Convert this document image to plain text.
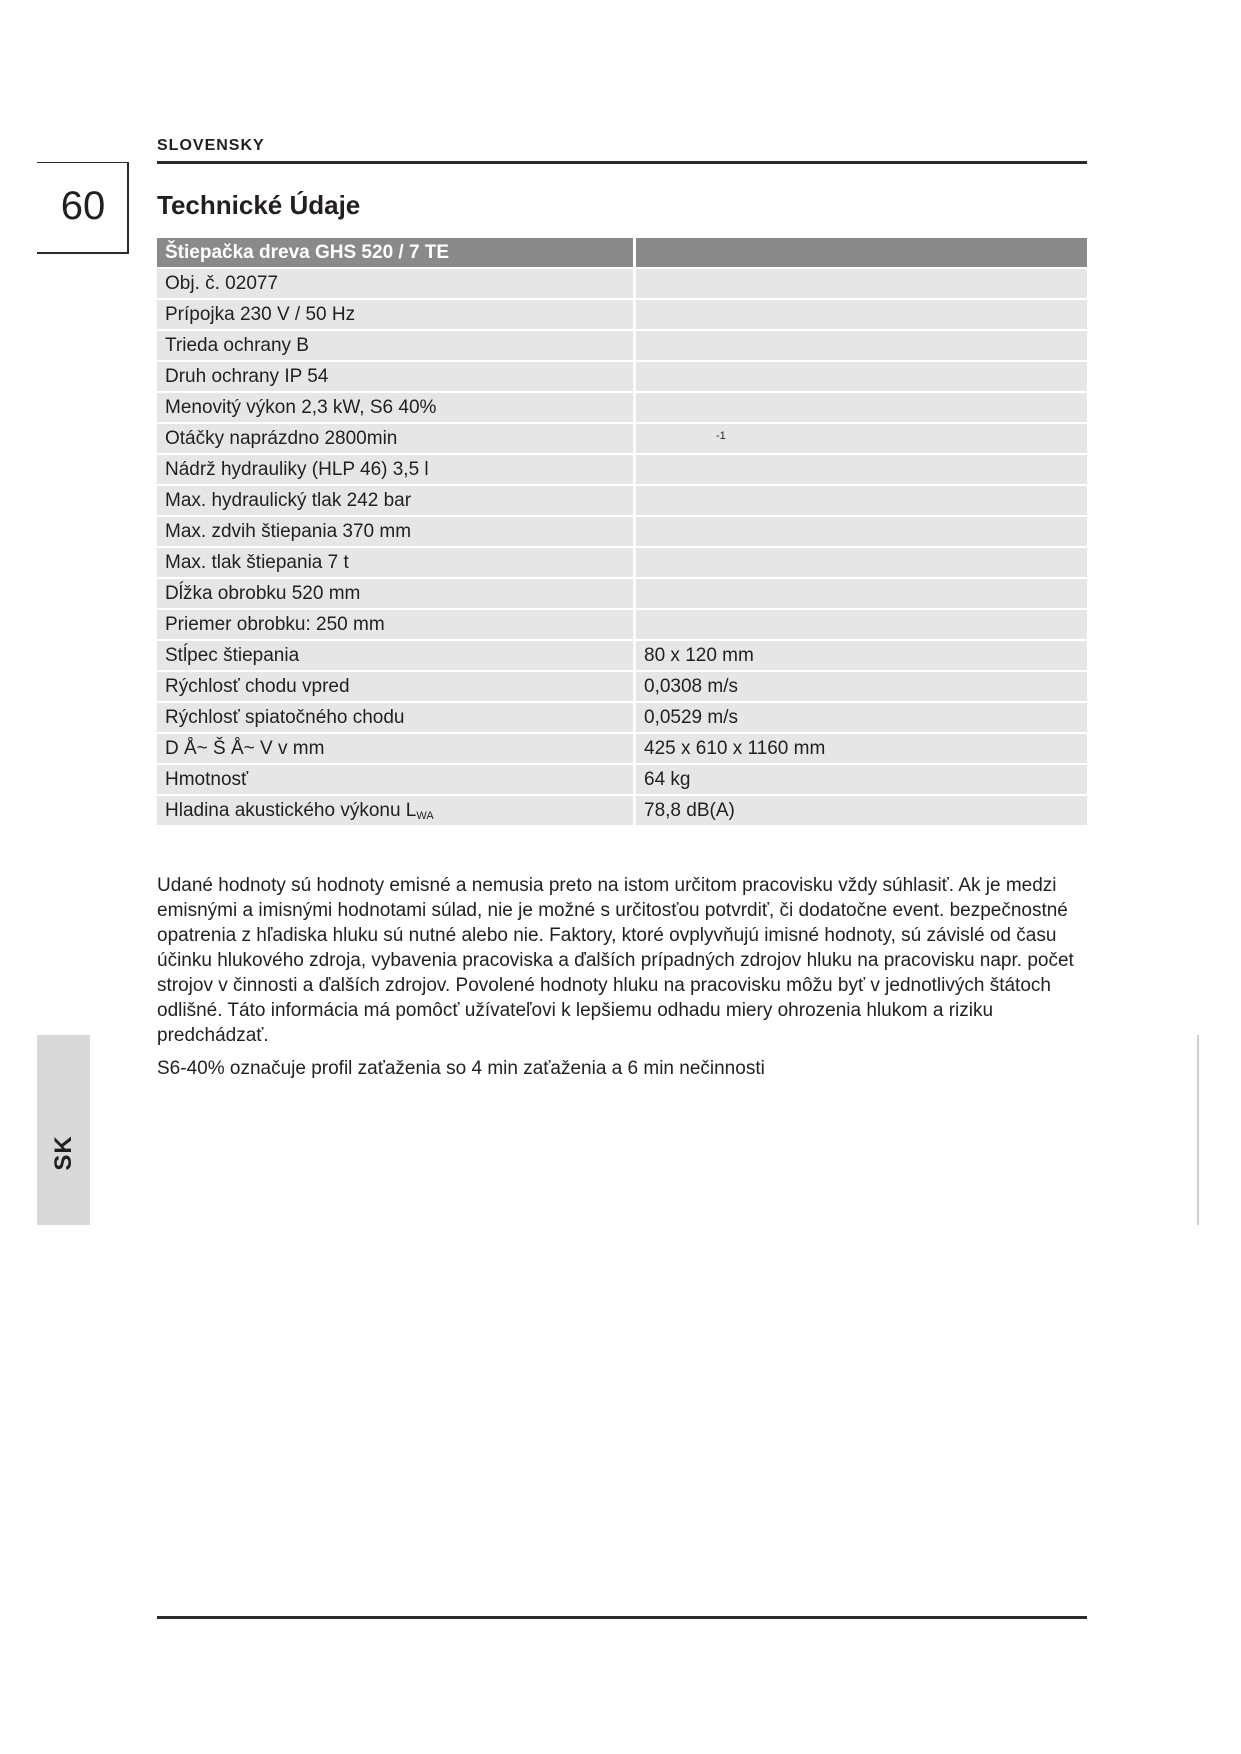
SLOVENSKY
60	Technické Údaje
Štiepačka dreva GHS 520 / 7 TE	
Obj. č. 02077	
Prípojka 230 V / 50 Hz	
Trieda ochrany B	
Druh ochrany IP 54	
Menovitý výkon 2,3 kW, S6 40%	
Otáčky naprázdno 2800min	$^{-1}$
Nádrž hydrauliky (HLP 46) 3,5 l	
Max. hydraulický tlak 242 bar	
Max. zdvih štiepania 370 mm	
Max. tlak štiepania 7 t	
Dĺžka obrobku 520 mm	
Priemer obrobku: 250 mm	
Stĺpec štiepania	80 x 120 mm
Rýchlosť chodu vpred	0,0308 m/s
Rýchlosť spiatočného chodu	0,0529 m/s
D Å~ Š Å~ V v mm	425 x 610 x 1160 mm
Hmotnosť	64 kg
Hladina akustického výkonu $L_{WA}$	78,8 dB(A)

Udané hodnoty sú hodnoty emisné a nemusia preto na istom určitom pracovisku vždy súhlasiť. Ak je medzi emisnými a imisnými hodnotami súlad, nie je možné s určitosťou potvrdiť, či dodatočne event. bezpečnostné opatrenia z hľadiska hluku sú nutné alebo nie. Faktory, ktoré ovplyvňujú imisné hodnoty, sú závislé od času účinku hlukového zdroja, vybavenia pracoviska a ďalších prípadných zdrojov hluku na pracovisku napr. počet strojov v činnosti a ďalších zdrojov. Povolené hodnoty hluku na pracovisku môžu byť v jednotlivých štátoch odlišné. Táto informácia má pomôcť užívateľovi k lepšiemu odhadu miery ohrozenia hlukom a riziku predchádzať.

S6-40% označuje profil zaťaženia so 4 min zaťaženia a 6 min nečinnosti

SK
